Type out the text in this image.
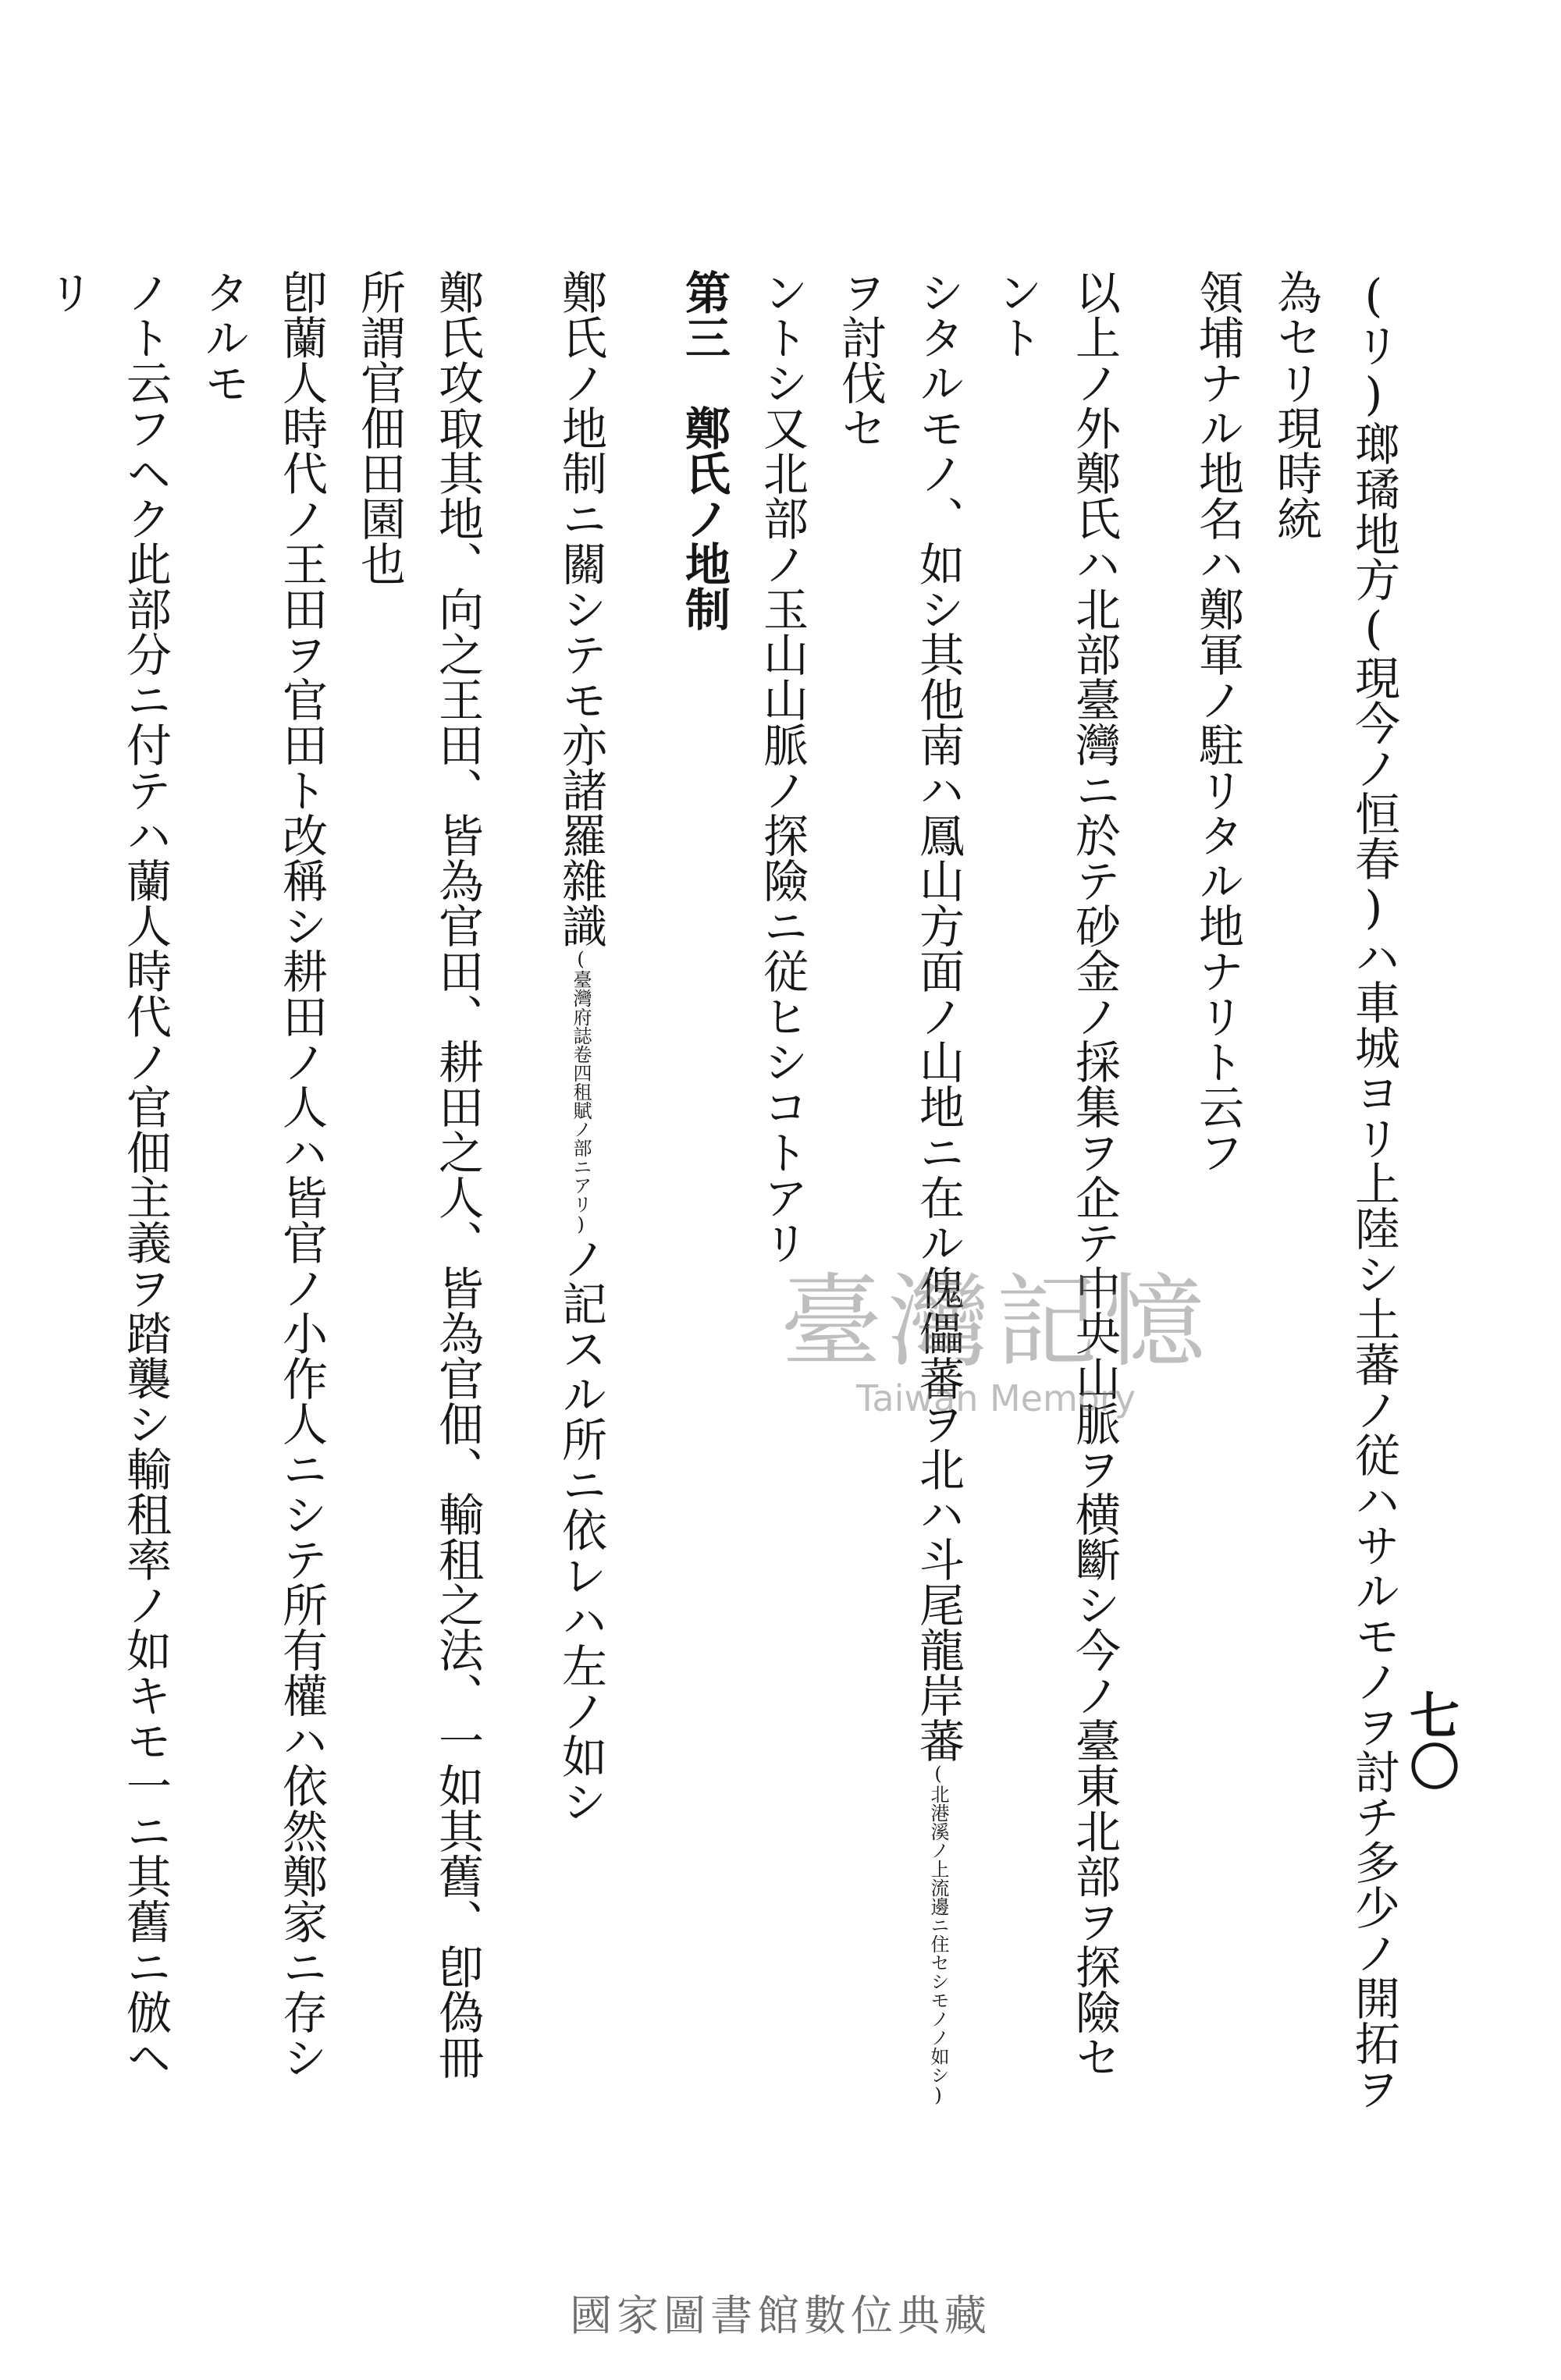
七〇
(リ)瑯璚地方(現今ノ恒春)ハ車城ヨリ上陸シ土蕃ノ従ハサルモノヲ討チ多少ノ開拓ヲ為セリ現時統
領埔ナル地名ハ鄭軍ノ駐リタル地ナリト云フ
以上ノ外鄭氏ハ北部臺灣ニ於テ砂金ノ採集ヲ企テ中央山脈ヲ横斷シ今ノ臺東北部ヲ探險セント
シタルモノ、如シ其他南ハ鳳山方面ノ山地ニ在ル傀儡蕃ヲ北ハ斗尾龍岸蕃(北港溪ノ上流邊ニ住セシモノノ如シ)ヲ討伐セ
ントシ又北部ノ玉山山脈ノ探險ニ従ヒシコトアリ
第三　鄭氏ノ地制
鄭氏ノ地制ニ關シテモ亦諸羅雜識(臺灣府誌卷四租賦ノ部ニアリ)ノ記スル所ニ依レハ左ノ如シ
鄭氏攻取其地、向之王田、皆為官田、耕田之人、皆為官佃、輸租之法、一如其舊、卽偽冊所謂官佃田園也
卽蘭人時代ノ王田ヲ官田ト改稱シ耕田ノ人ハ皆官ノ小作人ニシテ所有權ハ依然鄭家ニ存シタルモ
ノト云フヘク此部分ニ付テハ蘭人時代ノ官佃主義ヲ踏襲シ輸租率ノ如キモ一ニ其舊ニ倣ヘリ
臺灣記憶
Taiwan Memory
國家圖書館數位典藏
